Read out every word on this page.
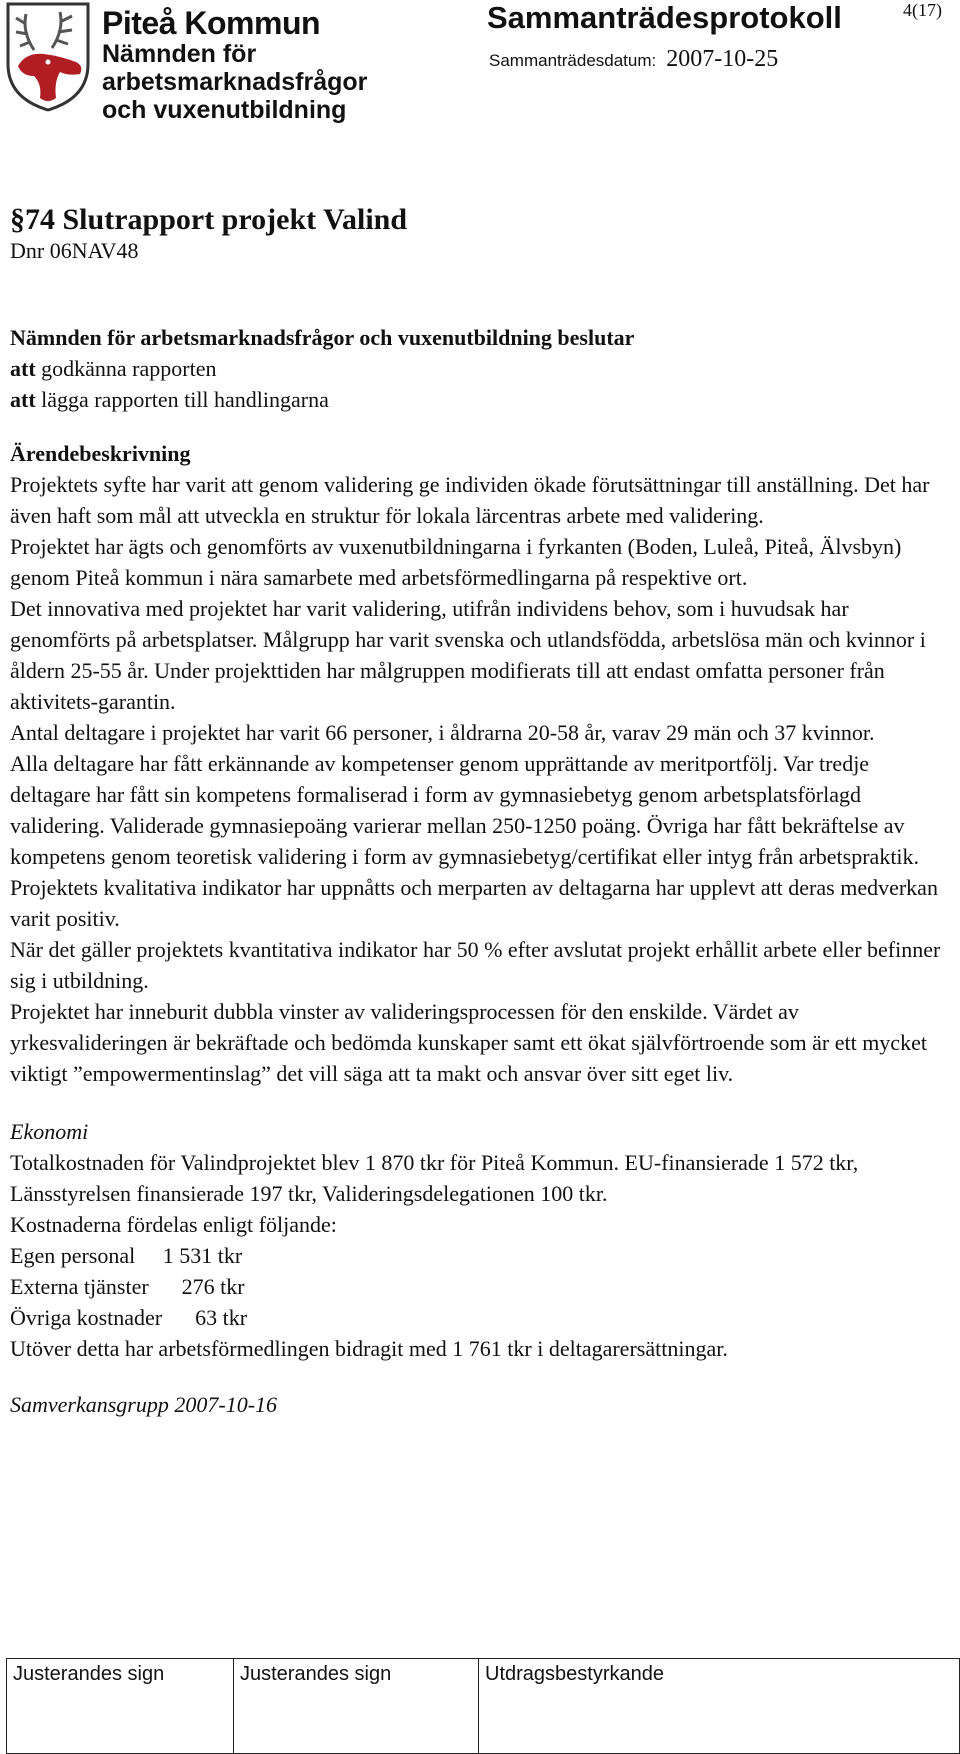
Piteå Kommun
Nämnden för
arbetsmarknadsfrågor
och vuxenutbildning
Sammanträdesprotokoll
Sammanträdesdatum: 2007-10-25
4(17)
§74 Slutrapport projekt Valind
Dnr 06NAV48
Nämnden för arbetsmarknadsfrågor och vuxenutbildning beslutar
att godkänna rapporten
att lägga rapporten till handlingarna
Ärendebeskrivning

Projektets syfte har varit att genom validering ge individen ökade förutsättningar till anställning. Det har även haft som mål att utveckla en struktur för lokala lärcentras arbete med validering.

Projektet har ägts och genomförts av vuxenutbildningarna i fyrkanten (Boden, Luleå, Piteå, Älvsbyn) genom Piteå kommun i nära samarbete med arbetsförmedlingarna på respektive ort.

Det innovativa med projektet har varit validering, utifrån individens behov, som i huvudsak har genomförts på arbetsplatser. Målgrupp har varit svenska och utlandsfödda, arbetslösa män och kvinnor i åldern 25-55 år. Under projekttiden har målgruppen modifierats till att endast omfatta personer från aktivitets-garantin.

Antal deltagare i projektet har varit 66 personer, i åldrarna 20-58 år, varav 29 män och 37 kvinnor.

Alla deltagare har fått erkännande av kompetenser genom upprättande av meritportfölj. Var tredje deltagare har fått sin kompetens formaliserad i form av gymnasiebetyg genom arbetsplatsförlagd validering. Validerade gymnasiepoäng varierar mellan 250-1250 poäng. Övriga har fått bekräftelse av kompetens genom teoretisk validering i form av gymnasiebetyg/certifikat eller intyg från arbetspraktik.

Projektets kvalitativa indikator har uppnåtts och merparten av deltagarna har upplevt att deras medverkan varit positiv.

När det gäller projektets kvantitativa indikator har 50 % efter avslutat projekt erhållit arbete eller befinner sig i utbildning.

Projektet har inneburit dubbla vinster av valideringsprocessen för den enskilde. Värdet av yrkesvalideringen är bekräftade och bedömda kunskaper samt ett ökat självförtroende som är ett mycket viktigt ”empowermentinslag” det vill säga att ta makt och ansvar över sitt eget liv.

Ekonomi

Totalkostnaden för Valindprojektet blev 1 870 tkr för Piteå Kommun. EU-finansierade 1 572 tkr, Länsstyrelsen finansierade 197 tkr, Valideringsdelegationen 100 tkr.

Kostnaderna fördelas enligt följande:

Egen personal 1 531 tkr
Externa tjänster 276 tkr
Övriga kostnader 63 tkr

Utöver detta har arbetsförmedlingen bidragit med 1 761 tkr i deltagarersättningar.

Samverkansgrupp 2007-10-16
Justerandes sign	Justerandes sign	Utdragsbestyrkande
